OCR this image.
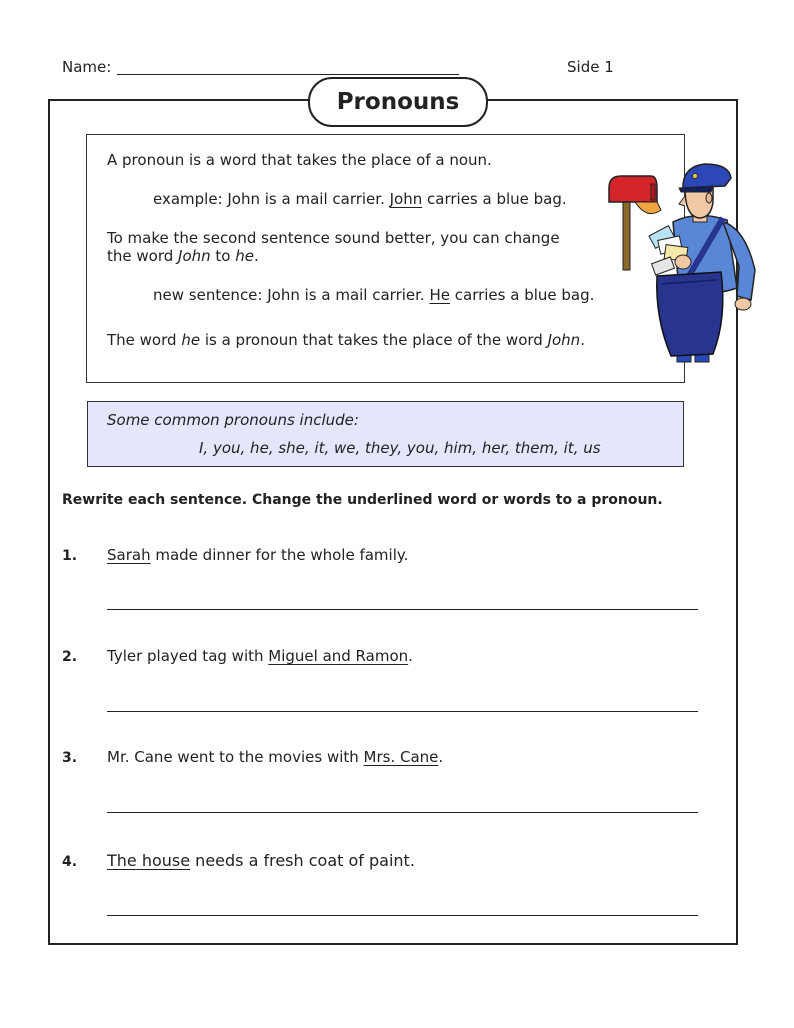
Name:	Side 1
Pronouns
A pronoun is a word that takes the place of a noun.
example: John is a mail carrier. John carries a blue bag.
To make the second sentence sound better, you can change
the word John to he.
new sentence: John is a mail carrier. He carries a blue bag.
The word he is a pronoun that takes the place of the word John.
Some common pronouns include:
I, you, he, she, it, we, they, you, him, her, them, it, us
Rewrite each sentence. Change the underlined word or words to a pronoun.
1. Sarah made dinner for the whole family.
2. Tyler played tag with Miguel and Ramon.
3. Mr. Cane went to the movies with Mrs. Cane.
4. The house needs a fresh coat of paint.
